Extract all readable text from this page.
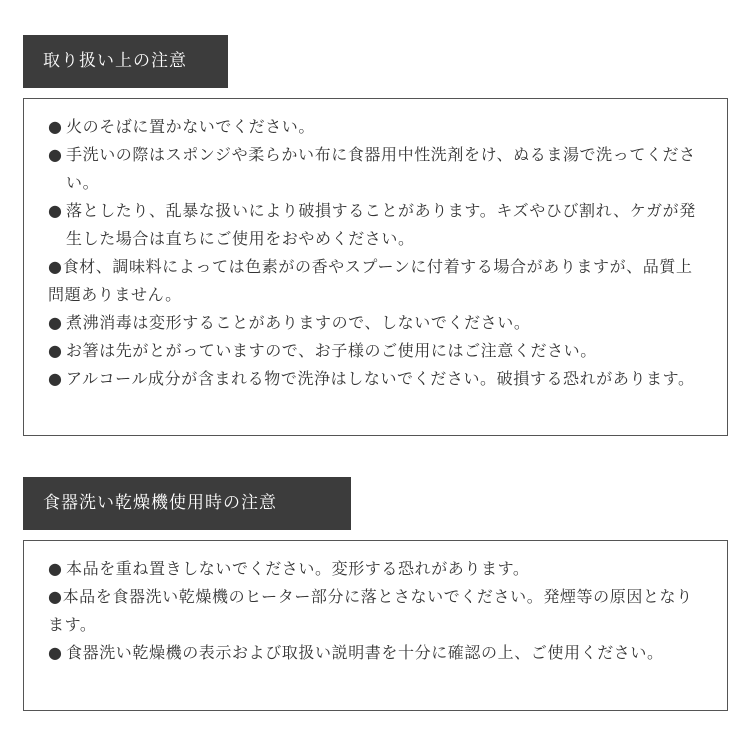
取り扱い上の注意
● 火のそばに置かないでください。
● 手洗いの際はスポンジや柔らかい布に食器用中性洗剤をけ、ぬるま湯で洗ってください。
● 落としたり、乱暴な扱いにより破損することがあります。キズやひび割れ、ケガが発生した場合は直ちにご使用をおやめください。
●食材、調味料によっては色素がの香やスプーンに付着する場合がありますが、品質上問題ありません。
● 煮沸消毒は変形することがありますので、しないでください。
● お箸は先がとがっていますので、お子様のご使用にはご注意ください。
● アルコール成分が含まれる物で洗浄はしないでください。破損する恐れがあります。
食器洗い乾燥機使用時の注意
● 本品を重ね置きしないでください。変形する恐れがあります。
●本品を食器洗い乾燥機のヒーター部分に落とさないでください。発煙等の原因となります。
● 食器洗い乾燥機の表示および取扱い説明書を十分に確認の上、ご使用ください。
